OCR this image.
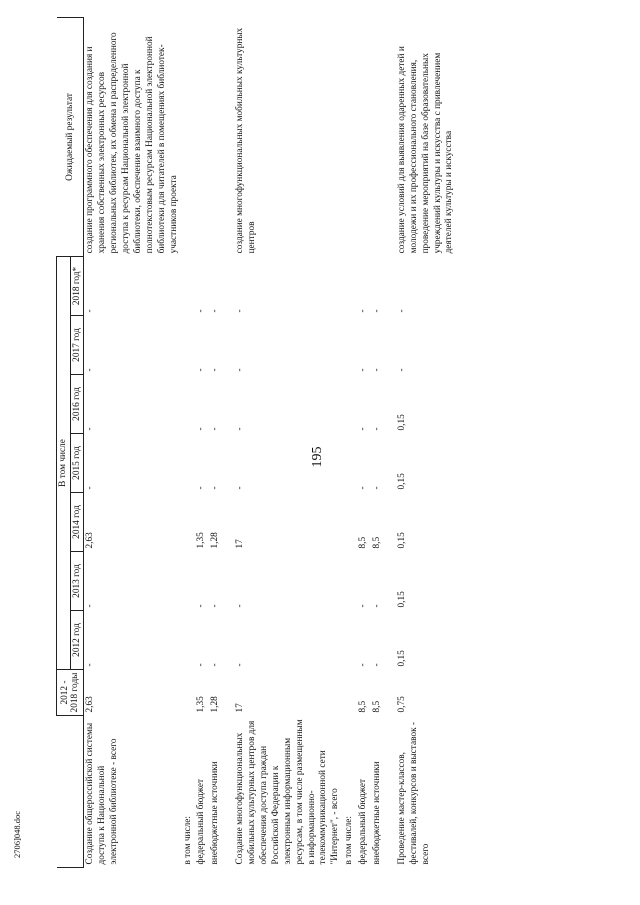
195
	2012 - 2018 годы	В том числе							Ожидаемый результат
		2012 год	2013 год	2014 год	2015 год	2016 год	2017 год	2018 год*	
Создание общероссийской системы доступа к Национальной электронной библиотеке - всего	2,63	-	-	2,63	-	-	-	-	создание программного обеспечения для создания и хранения собственных электронных ресурсов региональных библиотек, их обмена и распределенного доступа к ресурсам Национальной электронной библиотеки, обеспечение взаимного доступа к полнотекстовым ресурсам Национальной электронной библиотеки для читателей в помещениях библиотек-участников проекта
в том числе:									
федеральный бюджет	1,35	-	-	1,35	-	-	-	-	
внебюджетные источники	1,28	-	-	1,28	-	-	-	-	

Создание многофункциональных мобильных культурных центров для обеспечения доступа граждан Российской Федерации к электронным информационным ресурсам, в том числе размещенным в информационно-телекоммуникационной сети "Интернет", - всего	17	-	-	17	-	-	-	-	создание многофункциональных мобильных культурных центров
в том числе:									
федеральный бюджет	8,5	-	-	8,5	-	-	-	-	
внебюджетные источники	8,5	-	-	8,5	-	-	-	-	

Проведение мастер-классов, фестивалей, конкурсов и выставок - всего	0,75	0,15	0,15	0,15	0,15	0,15	-	-	создание условий для выявления одаренных детей и молодежи и их профессионального становления, проведение мероприятий на базе образовательных учреждений культуры и искусства с привлечением деятелей культуры и искусства
2706]048.doc
